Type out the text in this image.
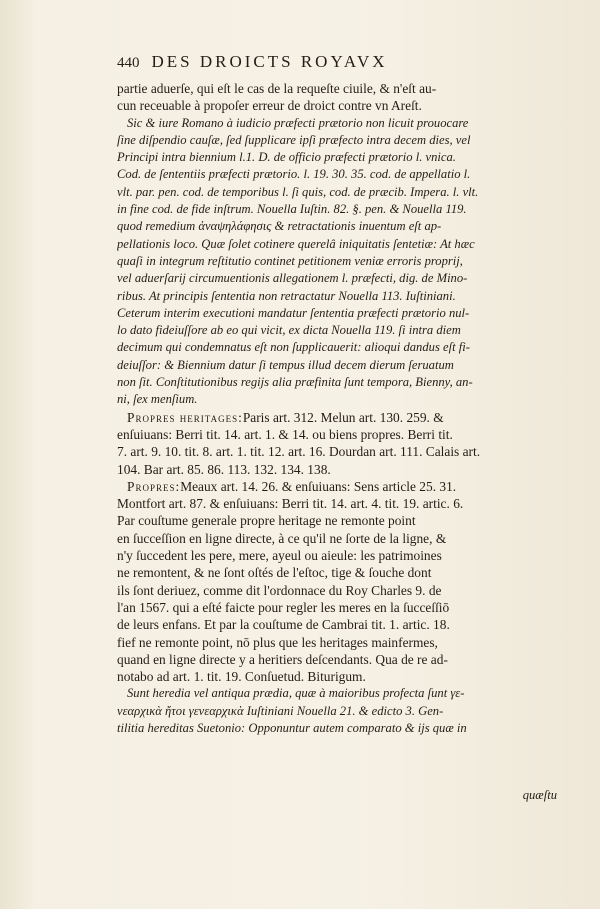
440 DES DROICTS ROYAVX
partie aduerſe, qui eſt le cas de la requeſte ciuile, & n'eſt au-
cun receuable à propoſer erreur de droict contre vn Areſt.
Sic & iure Romano à iudicio præfecti prætorio non licuit prouocare
ſine diſpendio cauſæ, ſed ſupplicare ipſi præfecto intra decem dies, vel
Principi intra biennium l.1. D. de officio præfecti prætorio l. vnica.
Cod. de ſententiis præfecti prætorio. l. 19. 30. 35. cod. de appellatio l.
vlt. par. pen. cod. de temporibus l. ſi quis, cod. de præcib. Impera. l. vlt.
in fine cod. de fide inſtrum. Nouella Iuſtin. 82. §. pen. & Nouella 119.
quod remedium ἀναψηλάφησις & retractationis inuentum eſt ap-
pellationis loco. Quæ ſolet cotinere querelâ iniquitatis ſentetiæ: At hæc
quaſi in integrum reſtitutio continet petitionem veniæ erroris proprij,
vel aduerſarij circumuentionis allegationem l. præfecti, dig. de Mino-
ribus. At principis ſententia non retractatur Nouella 113. Iuſtiniani.
Ceterum interim executioni mandatur ſententia præfecti prætorio nul-
lo dato fideiuſſore ab eo qui vicit, ex dicta Nouella 119. ſi intra diem
decimum qui condemnatus eſt non ſupplicauerit: alioqui dandus eſt fi-
deiuſſor: & Biennium datur ſi tempus illud decem dierum ſeruatum
non ſit. Conſtitutionibus regijs alia præfinita ſunt tempora, Bienny, an-
ni, ſex menſium.
Propres heritages:Paris art. 312. Melun art. 130. 259. &
enſuiuans: Berri tit. 14. art. 1. & 14. ou biens propres. Berri tit.
7. art. 9. 10. tit. 8. art. 1. tit. 12. art. 16. Dourdan art. 111. Calais art.
104. Bar art. 85. 86. 113. 132. 134. 138.
Propres:Meaux art. 14. 26. & enſuiuans: Sens article 25. 31.
Montfort art. 87. & enſuiuans: Berri tit. 14. art. 4. tit. 19. artic. 6.
Par couſtume generale propre heritage ne remonte point
en ſucceſſion en ligne directe, à ce qu'il ne ſorte de la ligne, &
n'y ſuccedent les pere, mere, ayeul ou aieule: les patrimoines
ne remontent, & ne ſont oſtés de l'eſtoc, tige & ſouche dont
ils ſont deriuez, comme dit l'ordonnace du Roy Charles 9. de
l'an 1567. qui a eſté faicte pour regler les meres en la ſucceſſiō
de leurs enfans. Et par la couſtume de Cambrai tit. 1. artic. 18.
fief ne remonte point, nō plus que les heritages mainfermes,
quand en ligne directe y a heritiers deſcendants. Qua de re ad-
notabo ad art. 1. tit. 19. Conſuetud. Biturigum.
Sunt heredia vel antiqua prædia, quæ à maioribus profecta ſunt γε-
νεαρχικὰ ἤτοι γενεαρχικὰ Iuſtiniani Nouella 21. & edicto 3. Gen-
tilitia hereditas Suetonio: Opponuntur autem comparato & ijs quæ in
quæſtu
